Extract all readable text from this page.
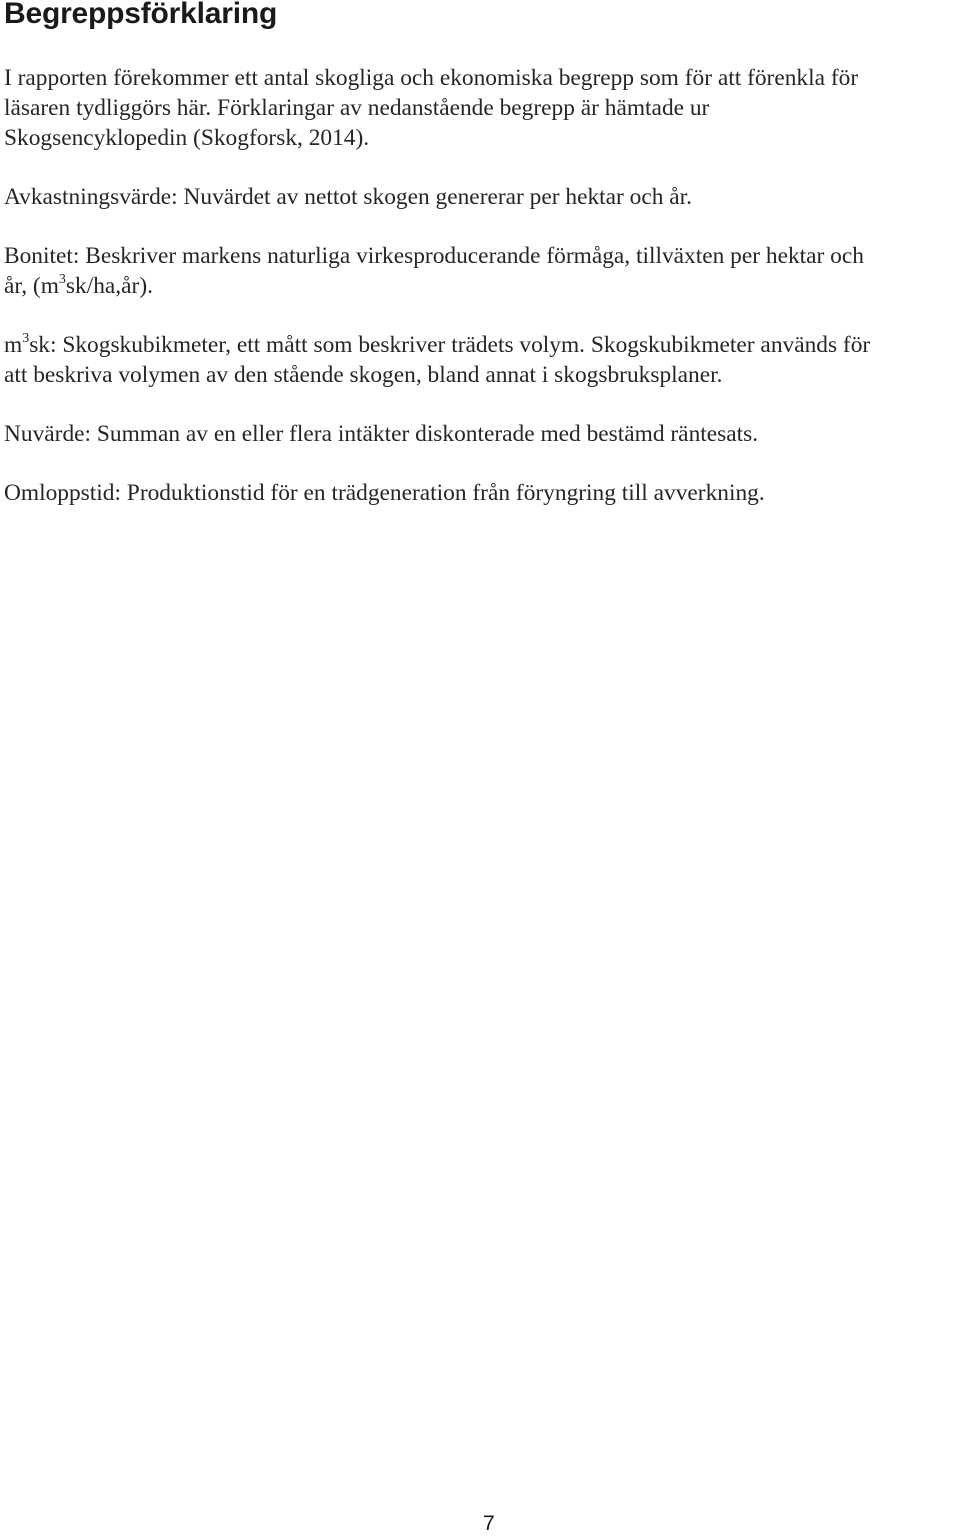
Begreppsförklaring

I rapporten förekommer ett antal skogliga och ekonomiska begrepp som för att förenkla för
läsaren tydliggörs här. Förklaringar av nedanstående begrepp är hämtade ur
Skogsencyklopedin (Skogforsk, 2014).

Avkastningsvärde: Nuvärdet av nettot skogen genererar per hektar och år.

Bonitet: Beskriver markens naturliga virkesproducerande förmåga, tillväxten per hektar och
år, $(m^3sk/ha,år)$.

$m^3sk$: Skogskubikmeter, ett mått som beskriver trädets volym. Skogskubikmeter används för
att beskriva volymen av den stående skogen, bland annat i skogsbruksplaner.

Nuvärde: Summan av en eller flera intäkter diskonterade med bestämd räntesats.

Omloppstid: Produktionstid för en trädgeneration från föryngring till avverkning.

7
